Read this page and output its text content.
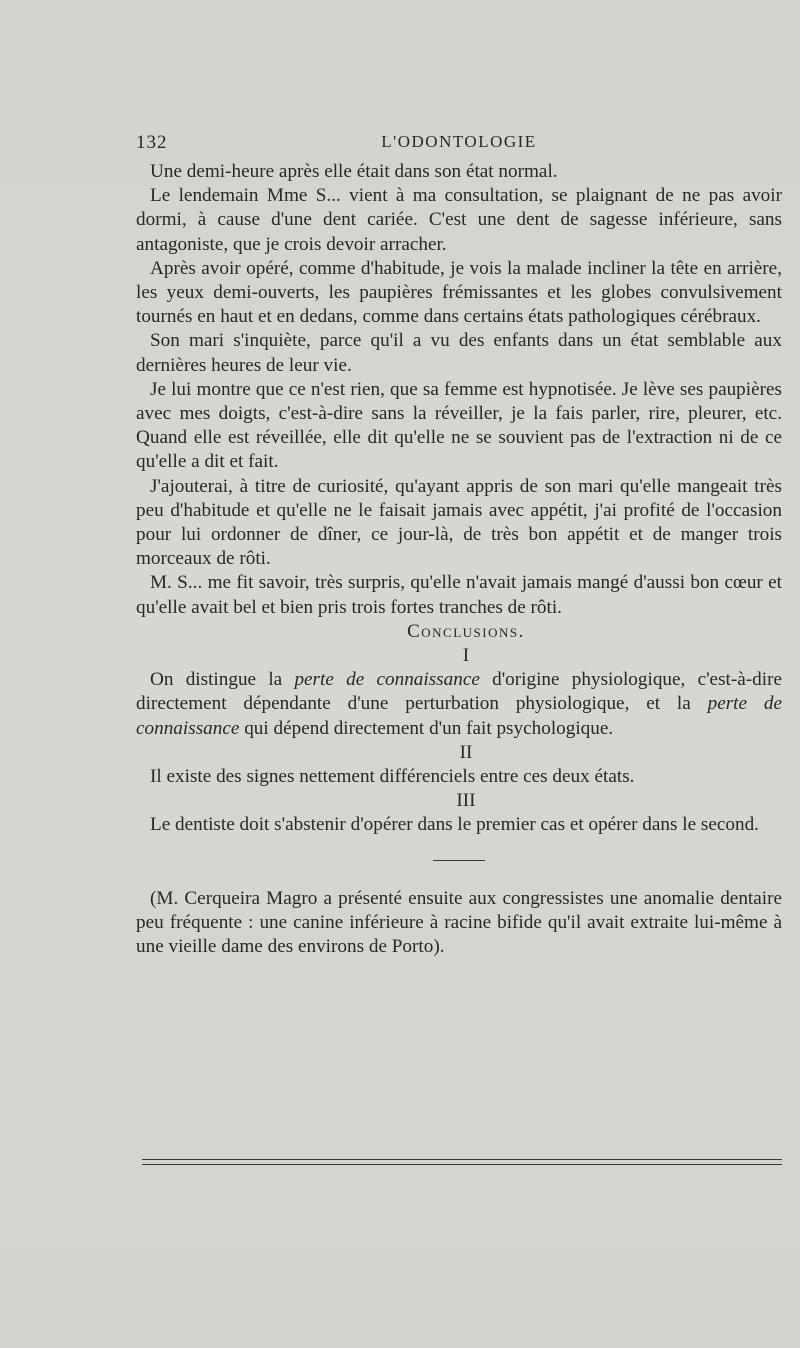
132	L'ODONTOLOGIE

Une demi-heure après elle était dans son état normal.

Le lendemain Mme S... vient à ma consultation, se plaignant de ne pas avoir dormi, à cause d'une dent cariée. C'est une dent de sagesse inférieure, sans antagoniste, que je crois devoir arracher.

Après avoir opéré, comme d'habitude, je vois la malade incliner la tête en arrière, les yeux demi-ouverts, les paupières frémissantes et les globes convulsivement tournés en haut et en dedans, comme dans certains états pathologiques cérébraux.

Son mari s'inquiète, parce qu'il a vu des enfants dans un état semblable aux dernières heures de leur vie.

Je lui montre que ce n'est rien, que sa femme est hypnotisée. Je lève ses paupières avec mes doigts, c'est-à-dire sans la réveiller, je la fais parler, rire, pleurer, etc. Quand elle est réveillée, elle dit qu'elle ne se souvient pas de l'extraction ni de ce qu'elle a dit et fait.

J'ajouterai, à titre de curiosité, qu'ayant appris de son mari qu'elle mangeait très peu d'habitude et qu'elle ne le faisait jamais avec appétit, j'ai profité de l'occasion pour lui ordonner de dîner, ce jour-là, de très bon appétit et de manger trois morceaux de rôti.

M. S... me fit savoir, très surpris, qu'elle n'avait jamais mangé d'aussi bon cœur et qu'elle avait bel et bien pris trois fortes tranches de rôti.

Conclusions.

I

On distingue la perte de connaissance d'origine physiologique, c'est-à-dire directement dépendante d'une perturbation physiologique, et la perte de connaissance qui dépend directement d'un fait psychologique.

II

Il existe des signes nettement différenciels entre ces deux états.

III

Le dentiste doit s'abstenir d'opérer dans le premier cas et opérer dans le second.

(M. Cerqueira Magro a présenté ensuite aux congressistes une anomalie dentaire peu fréquente : une canine inférieure à racine bifide qu'il avait extraite lui-même à une vieille dame des environs de Porto).
